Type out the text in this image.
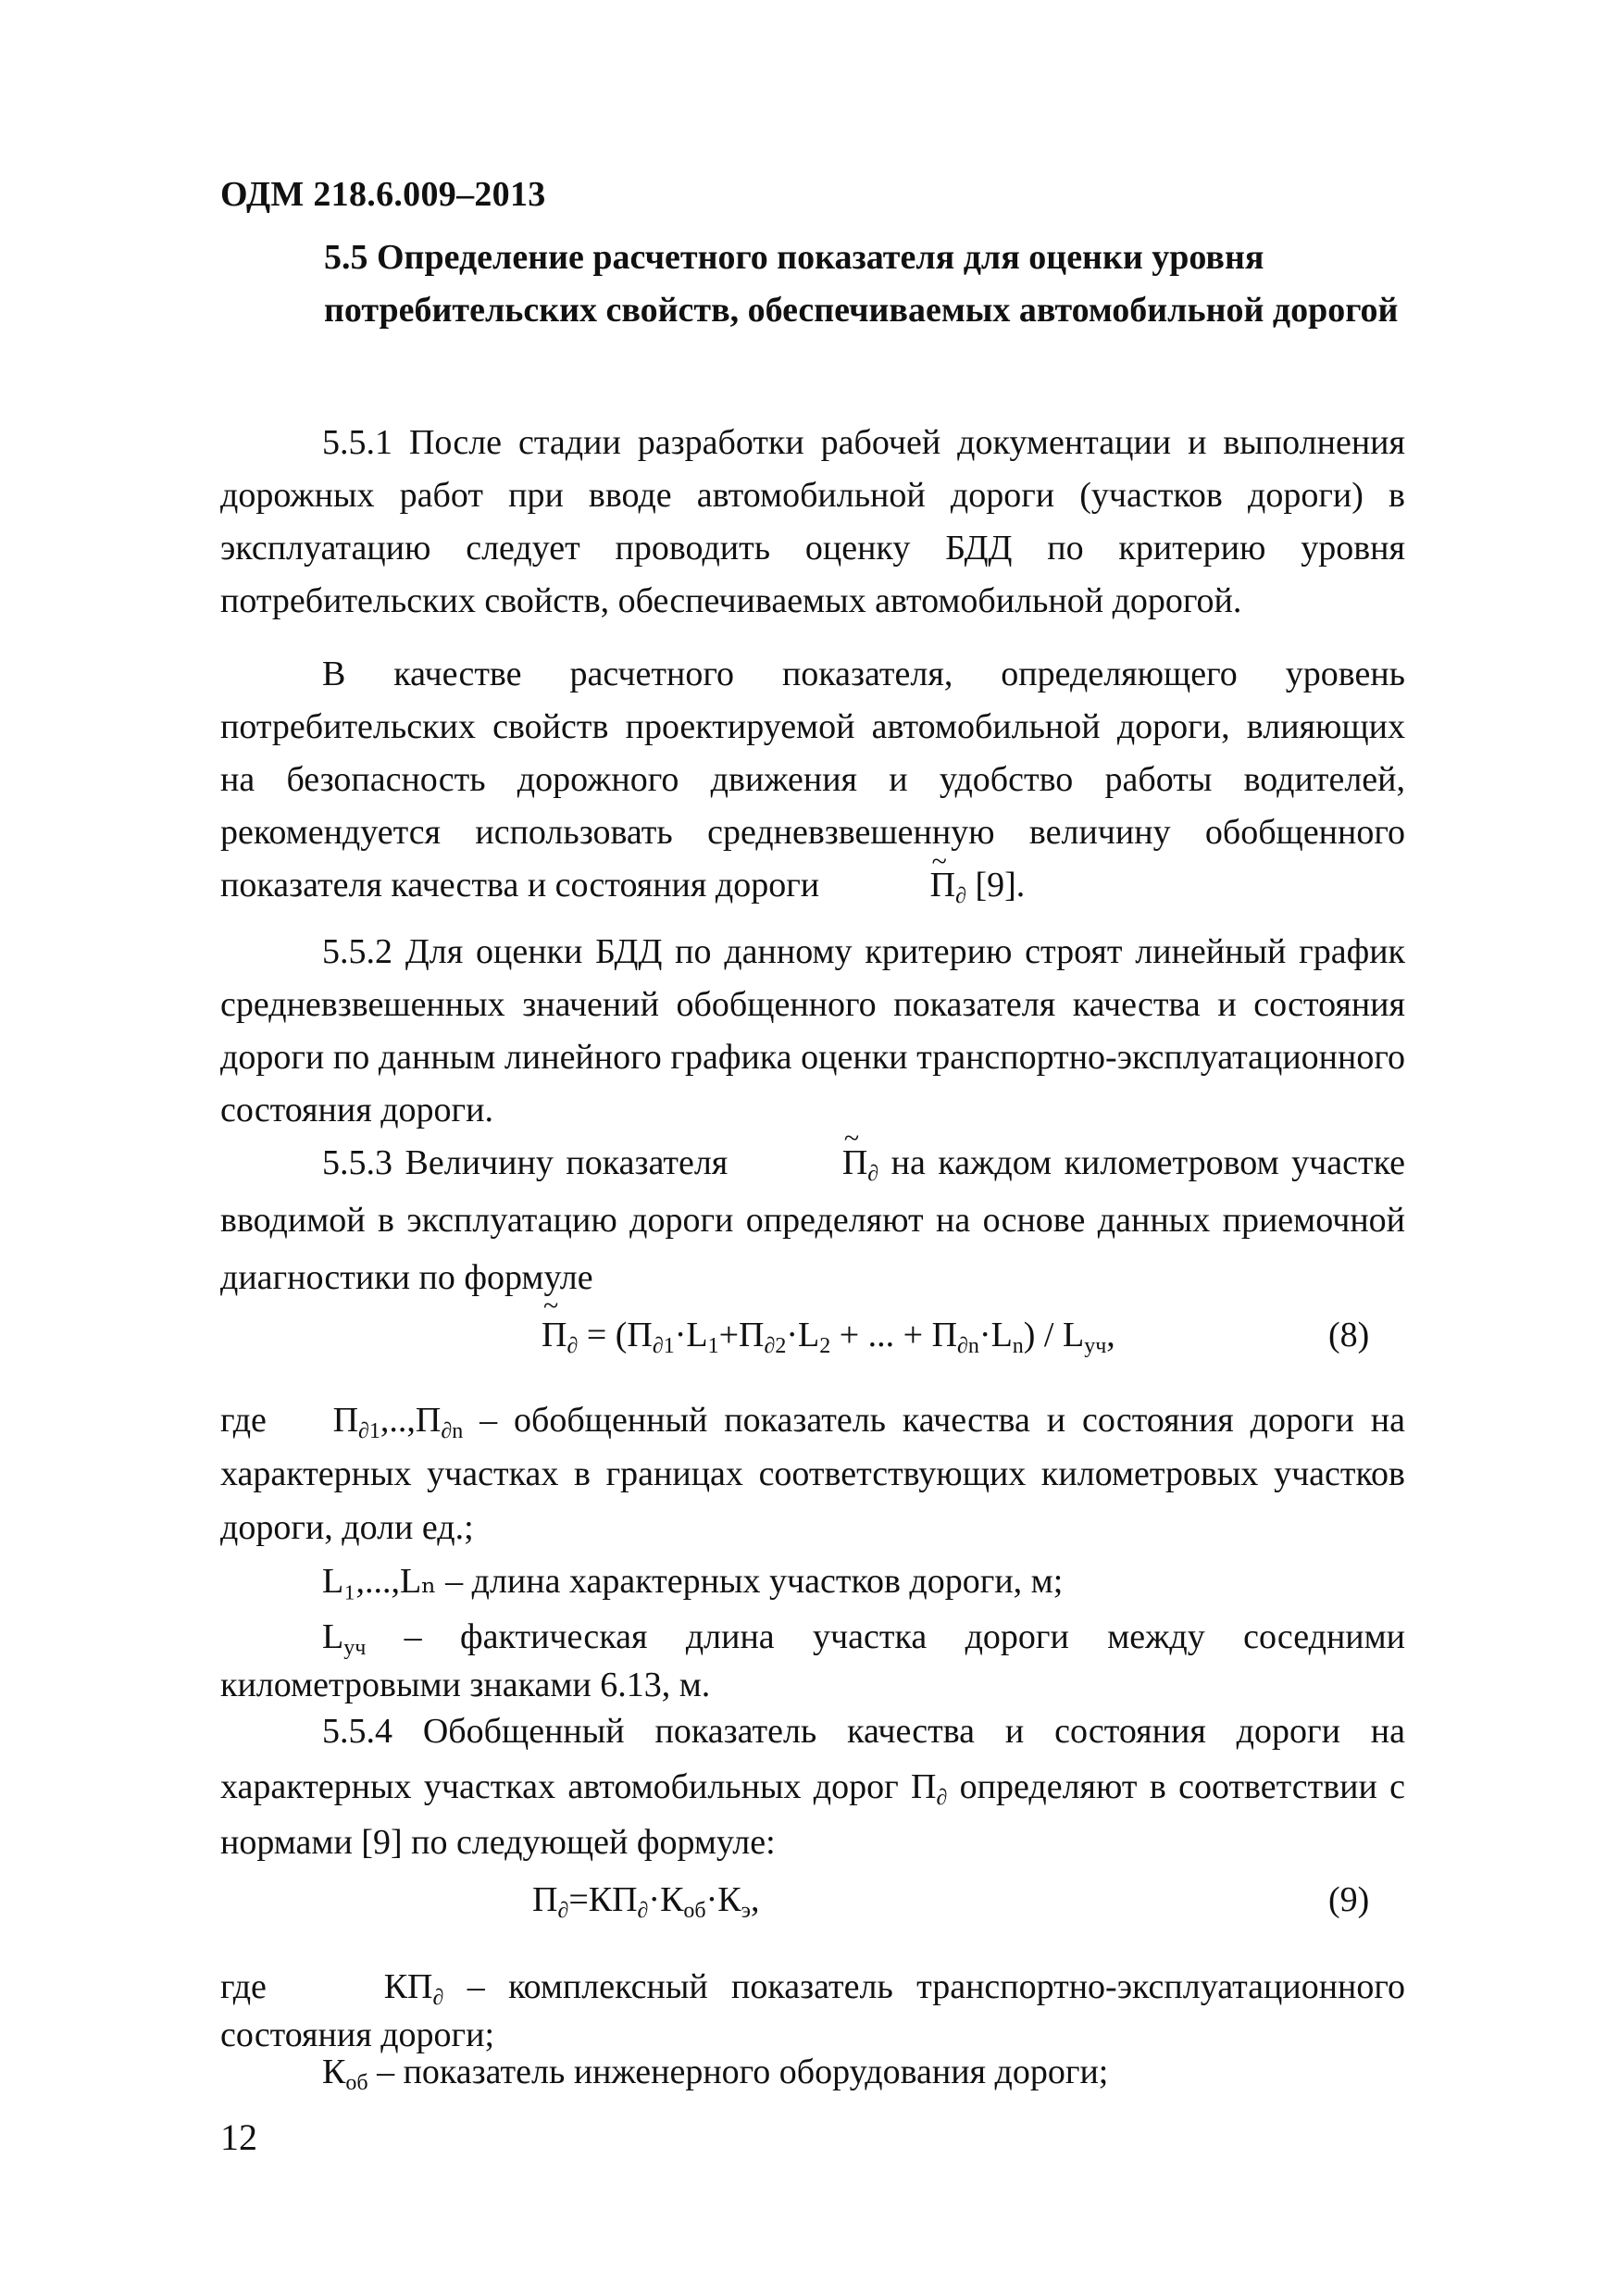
ОДМ 218.6.009–2013
5.5 Определение расчетного показателя для оценки уровня потребительских свойств, обеспечиваемых автомобильной дорогой
5.5.1 После стадии разработки рабочей документации и выполнения дорожных работ при вводе автомобильной дороги (участков дороги) в эксплуатацию следует проводить оценку БДД по критерию уровня потребительских свойств, обеспечиваемых автомобильной дорогой.
В качестве расчетного показателя, определяющего уровень потребительских свойств проектируемой автомобильной дороги, влияющих на безопасность дорожного движения и удобство работы водителей, рекомендуется использовать средневзвешенную величину обобщенного показателя качества и состояния дороги	~ $П_\partial$ [9].
5.5.2 Для оценки БДД по данному критерию строят линейный график средневзвешенных значений обобщенного показателя качества и состояния дороги по данным линейного графика оценки транспортно-эксплуатационного состояния дороги.
5.5.3 Величину показателя	~ $П_\partial$ на каждом километровом участке вводимой в эксплуатацию дороги определяют на основе данных приемочной диагностики по формуле
~ $П_\partial = (П_{\partial 1}\cdot L_1+П_{\partial 2}\cdot L_2$ + ... + $П_{\partial n}\cdot L_n) / L_{уч}$,	(8)
где $П_{\partial 1},..,П_{\partial n}$ – обобщенный показатель качества и состояния дороги на характерных участках в границах соответствующих километровых участков дороги, доли ед.;
L₁,...,Lₙ – длина характерных участков дороги, м;
$L_{уч}$ – фактическая длина участка дороги между соседними километровыми знаками 6.13, м.
5.5.4 Обобщенный показатель качества и состояния дороги на характерных участках автомобильных дорог $П_\partial$ определяют в соответствии с нормами [9] по следующей формуле:
$П_\partial=КП_\partial\cdot К_{об}\cdot К_э$,	(9)
где	$КП_\partial$ – комплексный показатель транспортно-эксплуатационного состояния дороги;
$К_{об}$ – показатель инженерного оборудования дороги;
12
